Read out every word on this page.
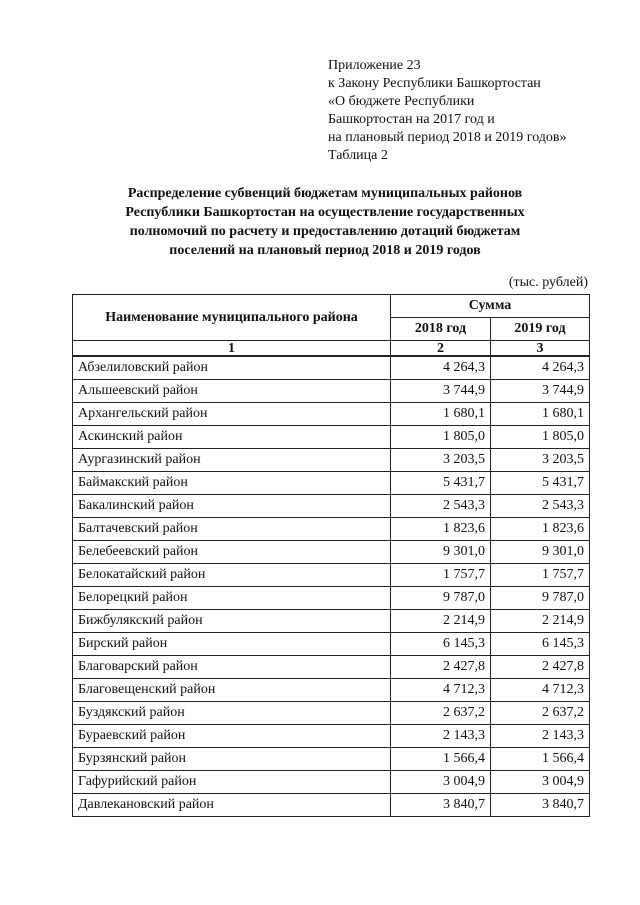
Приложение 23
к Закону Республики Башкортостан
«О бюджете Республики
Башкортостан на 2017 год и
на плановый период 2018 и 2019 годов»
Таблица 2
Распределение субвенций бюджетам муниципальных районов
Республики Башкортостан на осуществление государственных
полномочий по расчету и предоставлению дотаций бюджетам
поселений на плановый период 2018 и 2019 годов
(тыс. рублей)
Наименование муниципального района	Сумма	
	2018 год	2019 год
1	2	3
Абзелиловский район	4 264,3	4 264,3
Альшеевский район	3 744,9	3 744,9
Архангельский район	1 680,1	1 680,1
Аскинский район	1 805,0	1 805,0
Аургазинский район	3 203,5	3 203,5
Баймакский район	5 431,7	5 431,7
Бакалинский район	2 543,3	2 543,3
Балтачевский район	1 823,6	1 823,6
Белебеевский район	9 301,0	9 301,0
Белокатайский район	1 757,7	1 757,7
Белорецкий район	9 787,0	9 787,0
Бижбулякский район	2 214,9	2 214,9
Бирский район	6 145,3	6 145,3
Благоварский район	2 427,8	2 427,8
Благовещенский район	4 712,3	4 712,3
Буздякский район	2 637,2	2 637,2
Бураевский район	2 143,3	2 143,3
Бурзянский район	1 566,4	1 566,4
Гафурийский район	3 004,9	3 004,9
Давлекановский район	3 840,7	3 840,7
